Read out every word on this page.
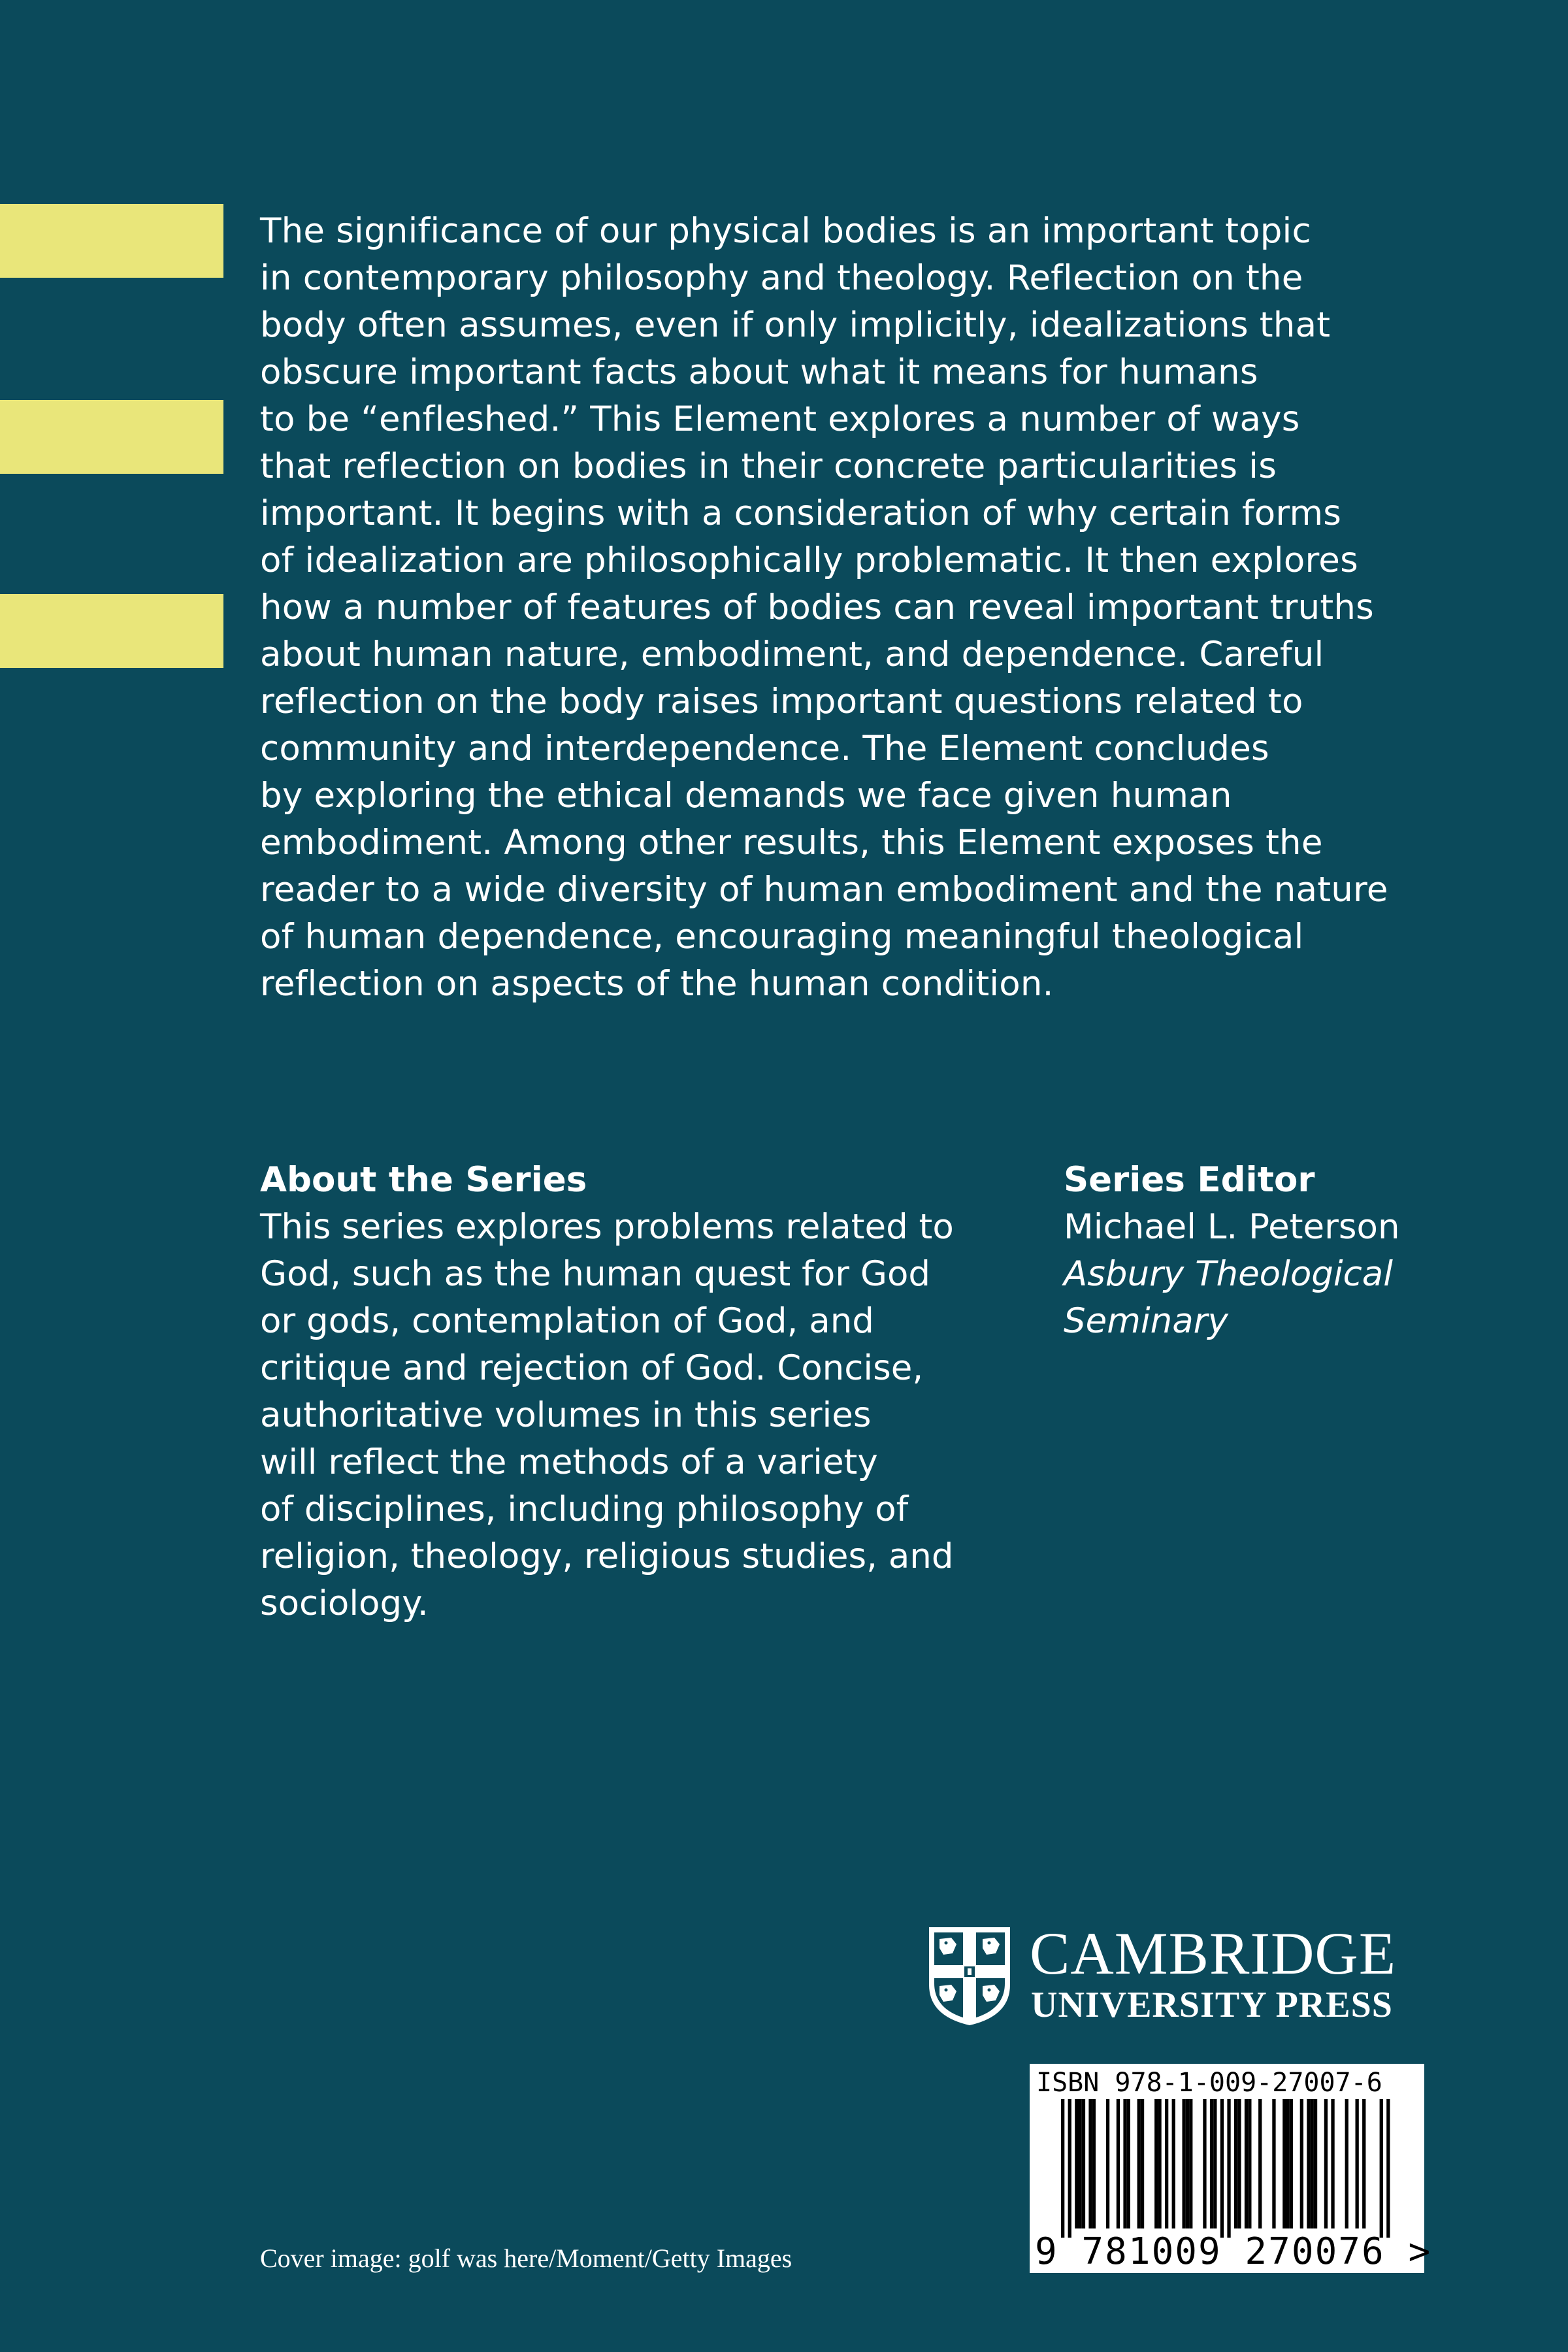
The significance of our physical bodies is an important topic
in contemporary philosophy and theology. Reflection on the
body often assumes, even if only implicitly, idealizations that
obscure important facts about what it means for humans
to be “enfleshed.” This Element explores a number of ways
that reflection on bodies in their concrete particularities is
important. It begins with a consideration of why certain forms
of idealization are philosophically problematic. It then explores
how a number of features of bodies can reveal important truths
about human nature, embodiment, and dependence. Careful
reflection on the body raises important questions related to
community and interdependence. The Element concludes
by exploring the ethical demands we face given human
embodiment. Among other results, this Element exposes the
reader to a wide diversity of human embodiment and the nature
of human dependence, encouraging meaningful theological
reflection on aspects of the human condition.
About the Series
This series explores problems related to
God, such as the human quest for God
or gods, contemplation of God, and
critique and rejection of God. Concise,
authoritative volumes in this series
will reflect the methods of a variety
of disciplines, including philosophy of
religion, theology, religious studies, and
sociology.
Series Editor
Michael L. Peterson
Asbury Theological
Seminary
CAMBRIDGE
UNIVERSITY PRESS
ISBN 978-1-009-27007-6
9 781009 270076 >
Cover image: golf was here/Moment/Getty Images
